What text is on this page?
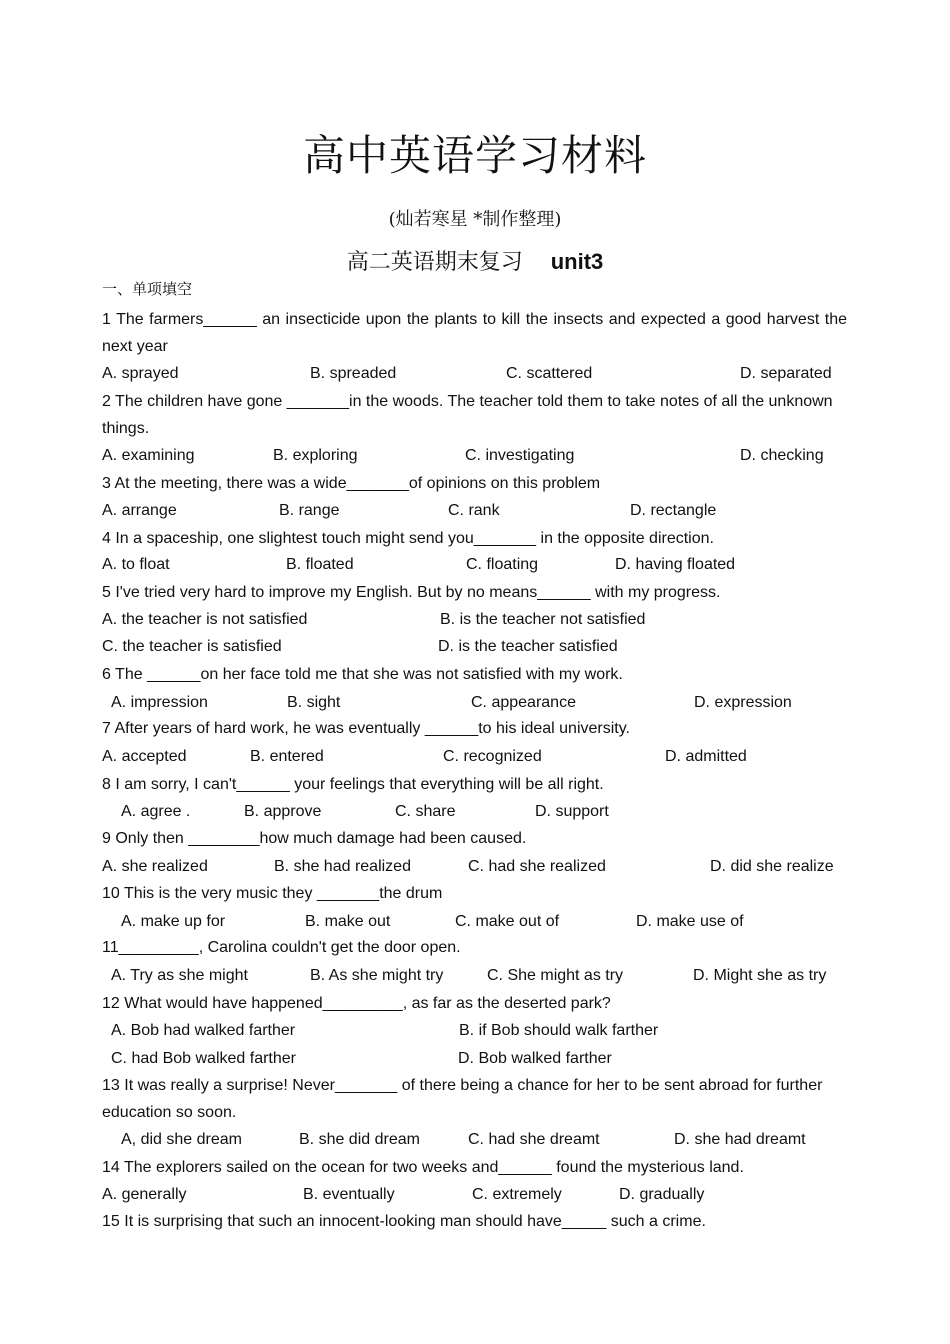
高中英语学习材料
(灿若寒星 *制作整理)
高二英语期末复习 unit3
一、单项填空
1 The farmers______ an insecticide upon the plants to kill the insects and expected a good harvest the next year
A. sprayed	B. spreaded	C. scattered	D. separated
2 The children have gone _______in the woods. The teacher told them to take notes of all the unknown things.
A. examining	B. exploring	C. investigating	D. checking
3 At the meeting, there was a wide_______of opinions on this problem
A. arrange	B. range	C. rank	D. rectangle
4 In a spaceship, one slightest touch might send you_______ in the opposite direction.
A. to float	B. floated	C. floating	D. having floated
5 I've tried very hard to improve my English. But by no means______ with my progress.
A. the teacher is not satisfied	B. is the teacher not satisfied
C. the teacher is satisfied	D. is the teacher satisfied
6 The ______on her face told me that she was not satisfied with my work.
A. impression	B. sight	C. appearance	D. expression
7 After years of hard work, he was eventually ______to his ideal university.
A. accepted	B. entered	C. recognized	D. admitted
8 I am sorry, I can't______ your feelings that everything will be all right.
A. agree .	B. approve	C. share	D. support
9 Only then ________how much damage had been caused.
A. she realized	B. she had realized	C. had she realized	D. did she realize
10 This is the very music they _______the drum
A. make up for	B. make out	C. make out of	D. make use of
11_________, Carolina couldn't get the door open.
A. Try as she might	B. As she might try	C. She might as try	D. Might she as try
12 What would have happened_________, as far as the deserted park?
A. Bob had walked farther	B. if Bob should walk farther
C. had Bob walked farther	D. Bob walked farther
13 It was really a surprise! Never_______ of there being a chance for her to be sent abroad for further education so soon.
A, did she dream	B. she did dream	C. had she dreamt	D. she had dreamt
14 The explorers sailed on the ocean for two weeks and______ found the mysterious land.
A. generally	B. eventually	C. extremely	D. gradually
15 It is surprising that such an innocent-looking man should have_____ such a crime.
